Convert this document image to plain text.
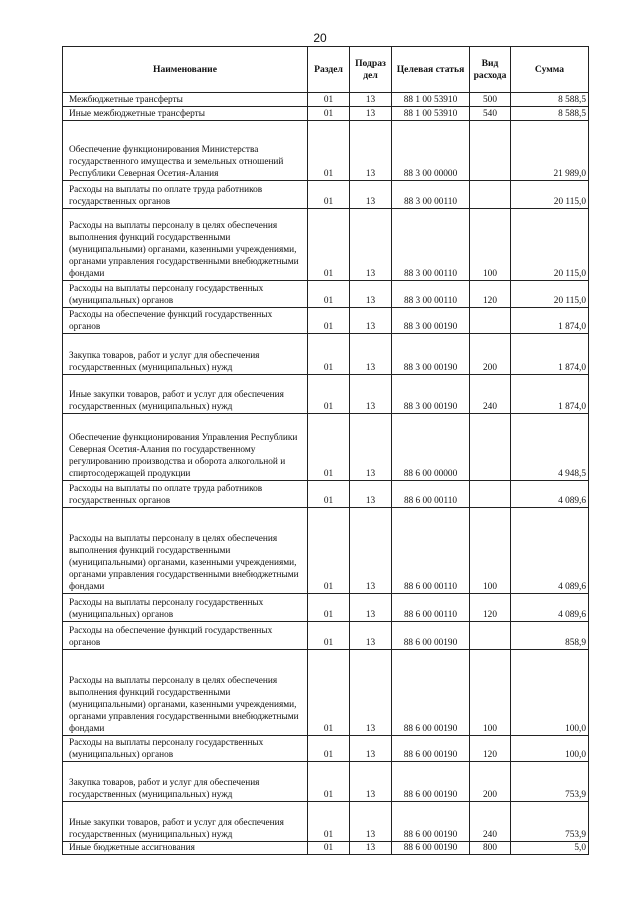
20
Наименование	Раздел	Подраз дел	Целевая статья	Вид расхода	Сумма
Межбюджетные трансферты	01	13	88 1 00 53910	500	8 588,5
Иные межбюджетные трансферты	01	13	88 1 00 53910	540	8 588,5
Обеспечение функционирования Министерства государственного имущества и земельных отношений Республики Северная Осетия-Алания	01	13	88 3 00 00000		21 989,0
Расходы на выплаты по оплате труда работников государственных органов	01	13	88 3 00 00110		20 115,0
Расходы на выплаты персоналу в целях обеспечения выполнения функций государственными (муниципальными) органами, казенными учреждениями, органами управления государственными внебюджетными фондами	01	13	88 3 00 00110	100	20 115,0
Расходы на выплаты персоналу государственных (муниципальных) органов	01	13	88 3 00 00110	120	20 115,0
Расходы на обеспечение функций государственных органов	01	13	88 3 00 00190		1 874,0
Закупка товаров, работ и услуг для обеспечения государственных (муниципальных) нужд	01	13	88 3 00 00190	200	1 874,0
Иные закупки товаров, работ и услуг для обеспечения государственных (муниципальных) нужд	01	13	88 3 00 00190	240	1 874,0
Обеспечение функционирования Управления Республики Северная Осетия-Алания по государственному регулированию производства и оборота алкогольной и спиртосодержащей продукции	01	13	88 6 00 00000		4 948,5
Расходы на выплаты по оплате труда работников государственных органов	01	13	88 6 00 00110		4 089,6
Расходы на выплаты персоналу в целях обеспечения выполнения функций государственными (муниципальными) органами, казенными учреждениями, органами управления государственными внебюджетными фондами	01	13	88 6 00 00110	100	4 089,6
Расходы на выплаты персоналу государственных (муниципальных) органов	01	13	88 6 00 00110	120	4 089,6
Расходы на обеспечение функций государственных органов	01	13	88 6 00 00190		858,9
Расходы на выплаты персоналу в целях обеспечения выполнения функций государственными (муниципальными) органами, казенными учреждениями, органами управления государственными внебюджетными фондами	01	13	88 6 00 00190	100	100,0
Расходы на выплаты персоналу государственных (муниципальных) органов	01	13	88 6 00 00190	120	100,0
Закупка товаров, работ и услуг для обеспечения государственных (муниципальных) нужд	01	13	88 6 00 00190	200	753,9
Иные закупки товаров, работ и услуг для обеспечения государственных (муниципальных) нужд	01	13	88 6 00 00190	240	753,9
Иные бюджетные ассигнования	01	13	88 6 00 00190	800	5,0
